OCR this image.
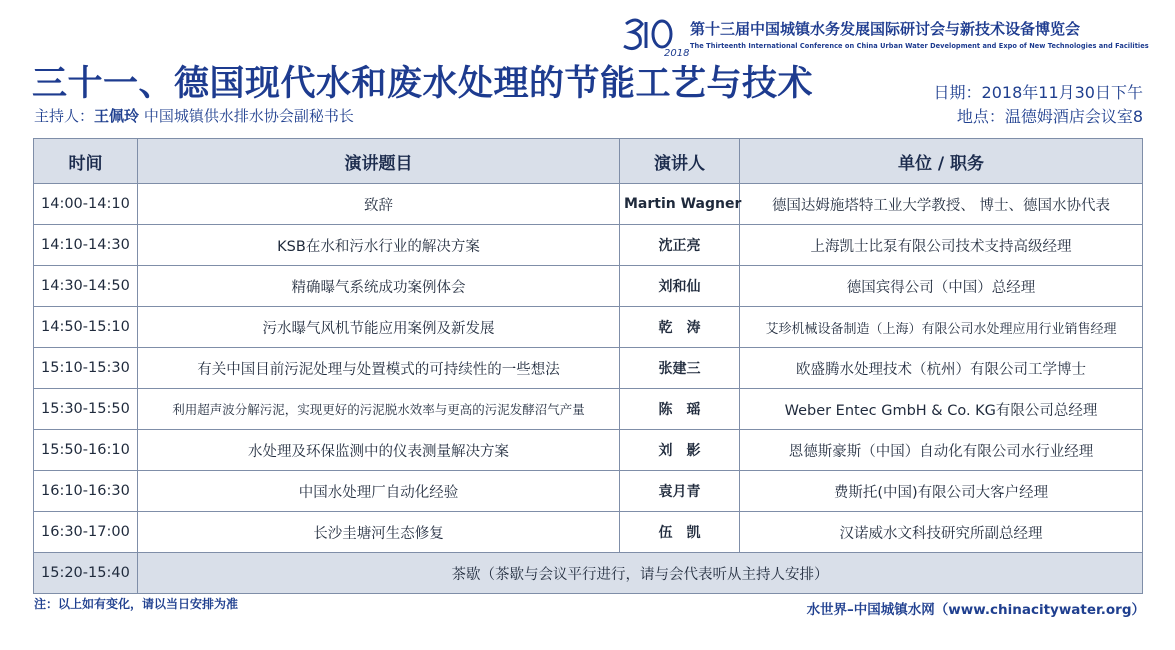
2018
第十三届中国城镇水务发展国际研讨会与新技术设备博览会
The Thirteenth International Conference on China Urban Water Development and Expo of New Technologies and Facilities
三十一、德国现代水和废水处理的节能工艺与技术
主持人：王佩玲 中国城镇供水排水协会副秘书长
日期：2018年11月30日下午
地点：温德姆酒店会议室8
时间	演讲题目	演讲人	单位 / 职务
14:00-14:10	致辞	Martin Wagner	德国达姆施塔特工业大学教授、 博士、德国水协代表
14:10-14:30	KSB在水和污水行业的解决方案	沈正亮	上海凯士比泵有限公司技术支持高级经理
14:30-14:50	精确曝气系统成功案例体会	刘和仙	德国宾得公司（中国）总经理
14:50-15:10	污水曝气风机节能应用案例及新发展	乾　涛	艾珍机械设备制造（上海）有限公司水处理应用行业销售经理
15:10-15:30	有关中国目前污泥处理与处置模式的可持续性的一些想法	张建三	欧盛腾水处理技术（杭州）有限公司工学博士
15:30-15:50	利用超声波分解污泥，实现更好的污泥脱水效率与更高的污泥发酵沼气产量	陈　瑶	Weber Entec GmbH & Co. KG有限公司总经理
15:50-16:10	水处理及环保监测中的仪表测量解决方案	刘　影	恩德斯豪斯（中国）自动化有限公司水行业经理
16:10-16:30	中国水处理厂自动化经验	袁月青	费斯托(中国)有限公司大客户经理
16:30-17:00	长沙圭塘河生态修复	伍　凯	汉诺威水文科技研究所副总经理
15:20-15:40	茶歇（茶歇与会议平行进行，请与会代表听从主持人安排）		
注：以上如有变化，请以当日安排为准	水世界–中国城镇水网（www.chinacitywater.org）
